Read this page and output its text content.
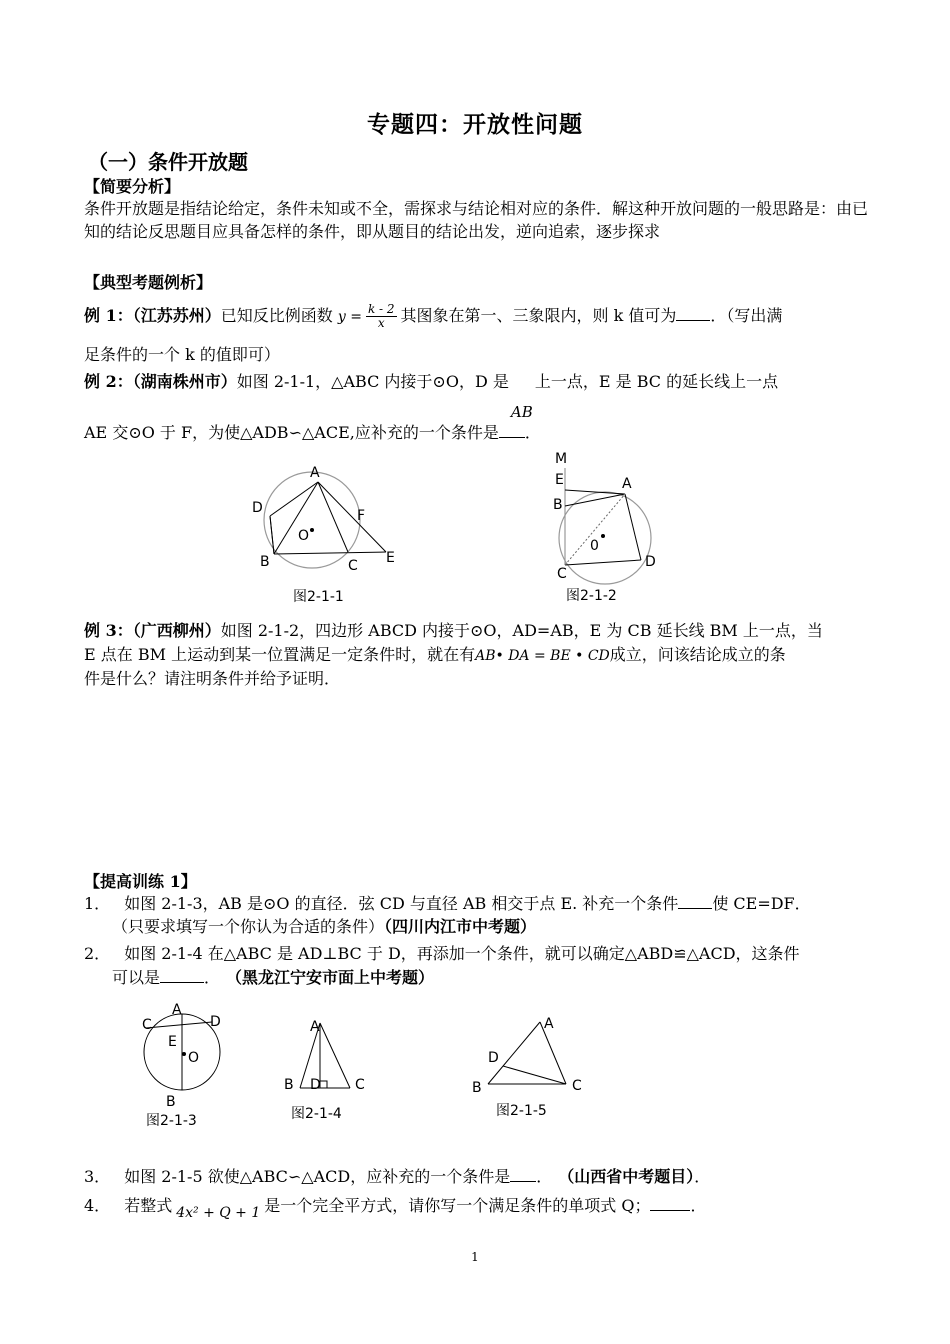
专题四：开放性问题
（一）条件开放题
【简要分析】
条件开放题是指结论给定，条件未知或不全，需探求与结论相对应的条件．解这种开放问题的一般思路是：由已知的结论反思题目应具备怎样的条件，即从题目的结论出发，逆向追索，逐步探求
【典型考题例析】
例 1：（江苏苏州）已知反比例函数 $y = \frac{k - 2}{x}$ 其图象在第一、三象限内，则 k 值可为 ．（写出满
足条件的一个 k 的值即可）
例 2：（湖南株州市）如图 2-1-1，△ABC 内接于⊙O，D 是
AB
上一点，E 是 BC 的延长线上一点
AE 交⊙O 于 F，为使△ADB∽△ACE,应补充的一个条件是 ．
A
D	F
O
B	C E
图2-1-1
M
E
B
A
0
C
D
图2-1-2
例 3：（广西柳州）如图 2-1-2，四边形 ABCD 内接于⊙O，AD=AB，E 为 CB 延长线 BM 上一点，当
E 点在 BM 上运动到某一位置满足一定条件时，就在有AB• DA = BE • CD成立，问该结论成立的条
件是什么？请注明条件并给予证明．
【提高训练 1】
1． 如图 2-1-3，AB 是⊙O 的直径．弦 CD 与直径 AB 相交于点 E. 补充一个条件 使 CE=DF．
（只要求填写一个你认为合适的条件）（四川内江市中考题）
2． 如图 2-1-4 在△ABC 是 AD⊥BC 于 D，再添加一个条件，就可以确定△ABD≌△ACD，这条件
可以是	． （黑龙江宁安市面上中考题）
A
C	D
E
O
B
图2-1-3
A
B D C
图2-1-4
A
D
B	C
图2-1-5
3． 如图 2-1-5 欲使△ABC∽△ACD，应补充的一个条件是 ． （山西省中考题目）．
4． 若整式 4x² + Q + 1 是一个完全平方式，请你写一个满足条件的单项式 Q；	．
1
